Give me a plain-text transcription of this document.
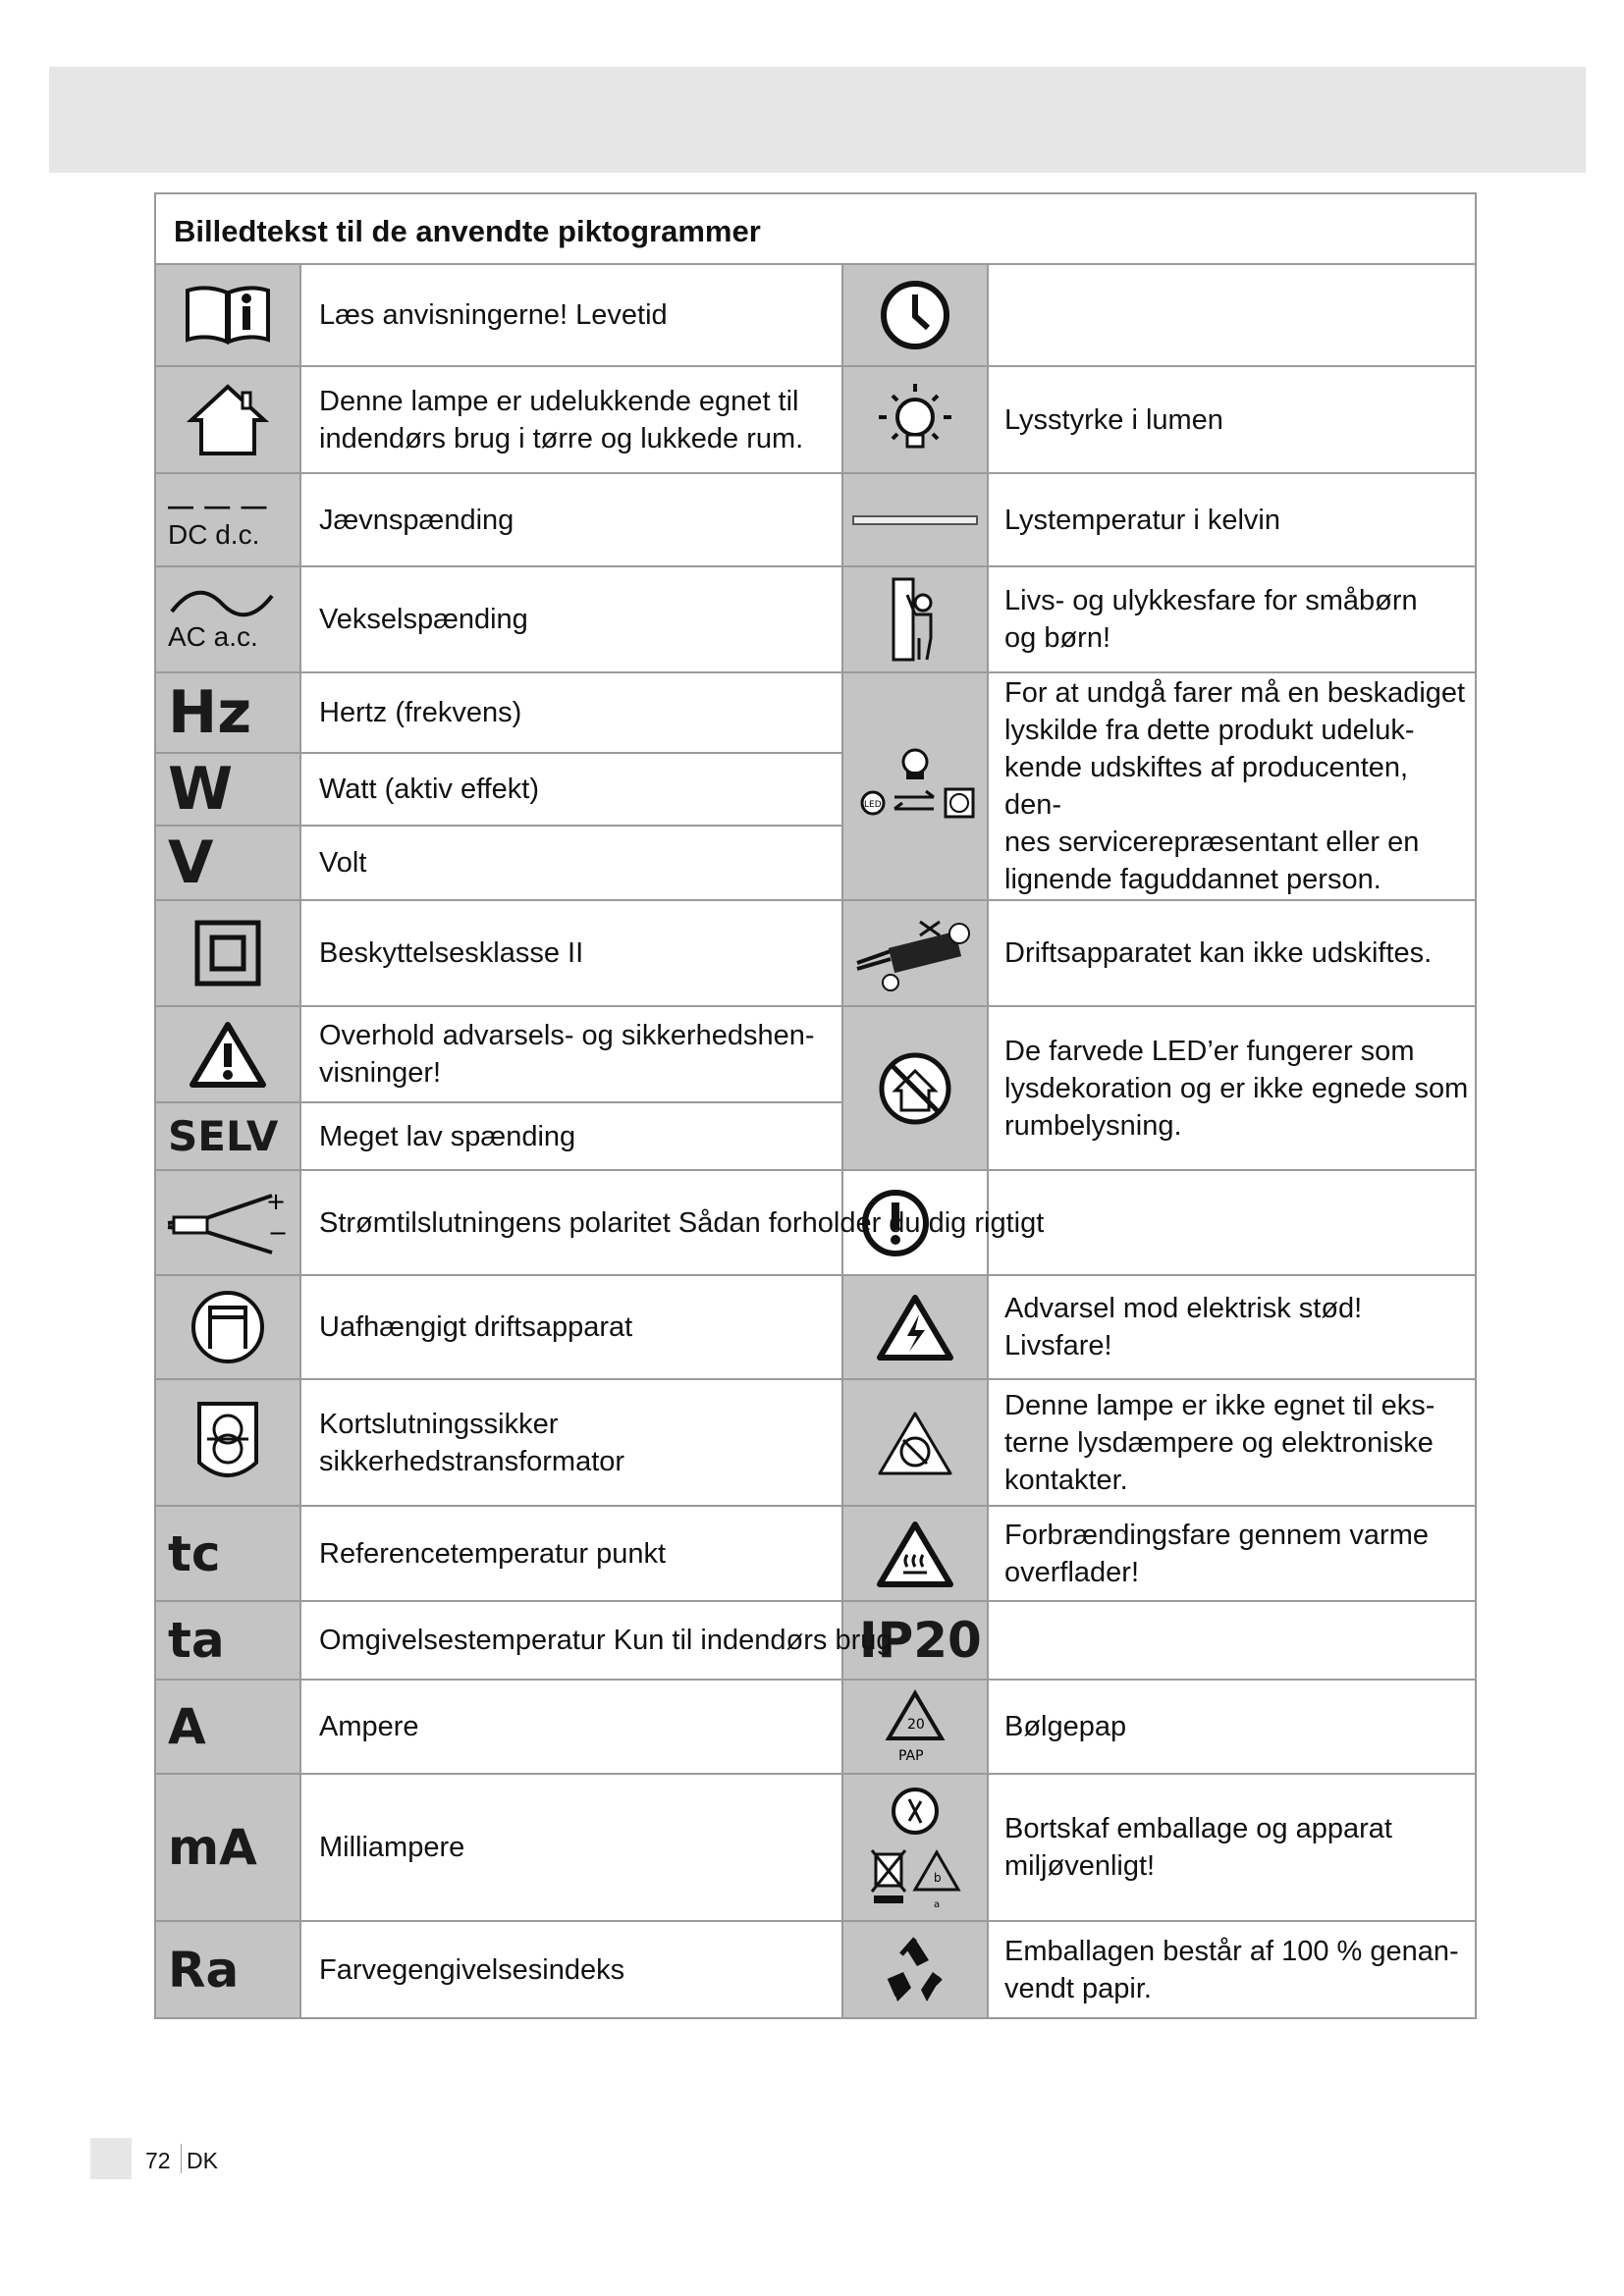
Billedtekst til de anvendte piktogrammer
— — —
DC d.c.
AC a.c.
Hz
W
V
SELV
+
−
tc
ta
A
mA
Ra
LED
IP20
20
PAP
b
a
Læs anvisningerne! Levetid
Denne lampe er udelukkende egnet til
indendørs brug i tørre og lukkede rum.
Jævnspænding
Vekselspænding
Hertz (frekvens)
Watt (aktiv effekt)
Volt
Beskyttelsesklasse II
Overhold advarsels- og sikkerhedshen-
visninger!
Meget lav spænding
Strømtilslutningens polaritet Sådan forholder du dig rigtigt
Uafhængigt driftsapparat
Kortslutningssikker
sikkerhedstransformator
Referencetemperatur punkt
Omgivelsestemperatur Kun til indendørs brug
Ampere
Milliampere
Farvegengivelsesindeks
Lysstyrke i lumen
Lystemperatur i kelvin
Livs- og ulykkesfare for småbørn
og børn!
For at undgå farer må en beskadiget
lyskilde fra dette produkt udeluk-
kende udskiftes af producenten, den-
nes servicerepræsentant eller en
lignende faguddannet person.
Driftsapparatet kan ikke udskiftes.
De farvede LED’er fungerer som
lysdekoration og er ikke egnede som
rumbelysning.
Advarsel mod elektrisk stød!
Livsfare!
Denne lampe er ikke egnet til eks-
terne lysdæmpere og elektroniske
kontakter.
Forbrændingsfare gennem varme
overflader!
Bølgepap
Bortskaf emballage og apparat
miljøvenligt!
Emballagen består af 100 % genan-
vendt papir.
72 DK
